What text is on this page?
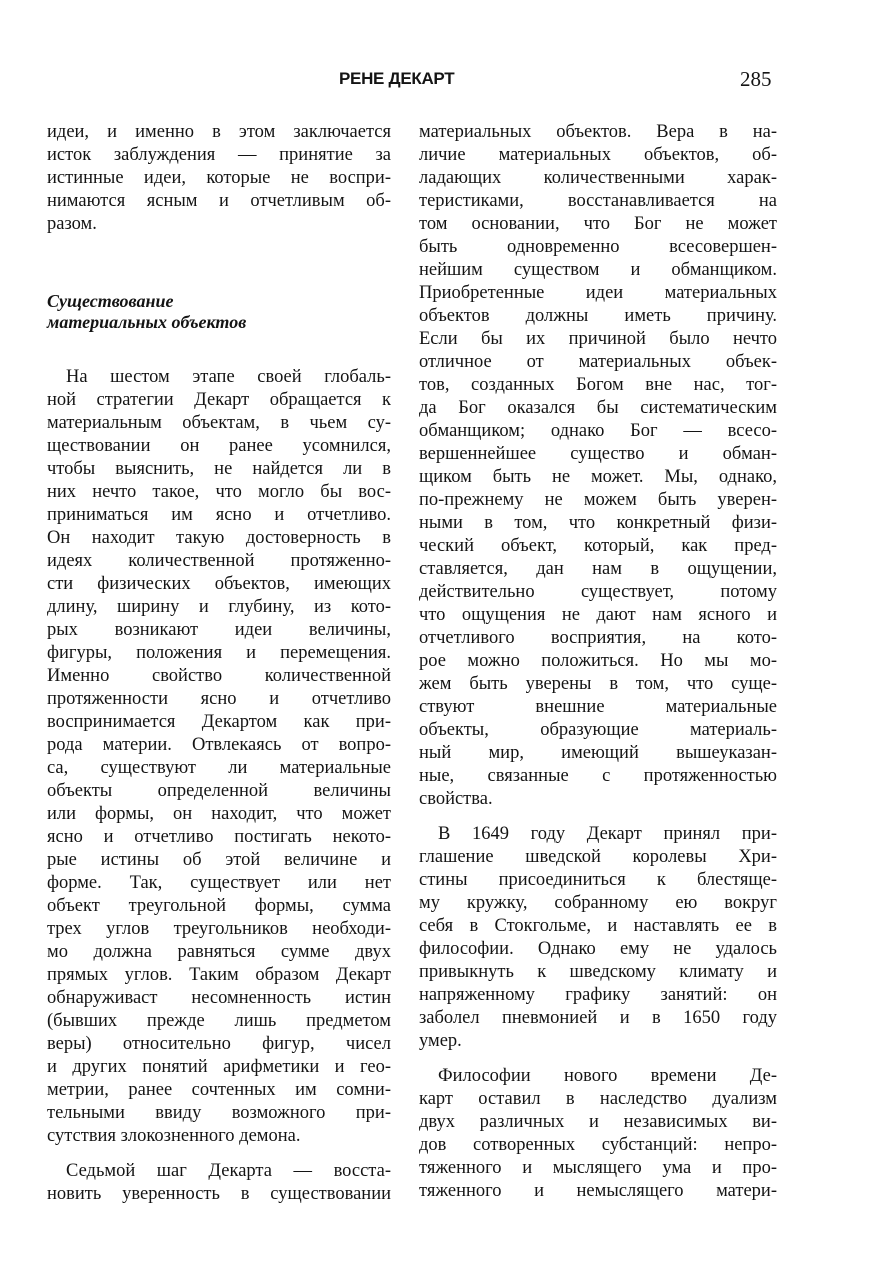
РЕНЕ ДЕКАРТ	285
идеи, и именно в этом заключается
исток заблуждения — принятие за
истинные идеи, которые не воспри-
нимаются ясным и отчетливым об-
разом.
Существование
материальных объектов
На шестом этапе своей глобаль-
ной стратегии Декарт обращается к
материальным объектам, в чьем су-
ществовании он ранее усомнился,
чтобы выяснить, не найдется ли в
них нечто такое, что могло бы вос-
приниматься им ясно и отчетливо.
Он находит такую достоверность в
идеях количественной протяженно-
сти физических объектов, имеющих
длину, ширину и глубину, из кото-
рых возникают идеи величины,
фигуры, положения и перемещения.
Именно свойство количественной
протяженности ясно и отчетливо
воспринимается Декартом как при-
рода материи. Отвлекаясь от вопро-
са, существуют ли материальные
объекты определенной величины
или формы, он находит, что может
ясно и отчетливо постигать некото-
рые истины об этой величине и
форме. Так, существует или нет
объект треугольной формы, сумма
трех углов треугольников необходи-
мо должна равняться сумме двух
прямых углов. Таким образом Декарт
обнаруживаст несомненность истин
(бывших прежде лишь предметом
веры) относительно фигур, чисел
и других понятий арифметики и гео-
метрии, ранее сочтенных им сомни-
тельными ввиду возможного при-
сутствия злокозненного демона.
Седьмой шаг Декарта — восста-
новить уверенность в существовании
материальных объектов. Вера в на-
личие материальных объектов, об-
ладающих количественными харак-
теристиками, восстанавливается на
том основании, что Бог не может
быть одновременно всесовершен-
нейшим существом и обманщиком.
Приобретенные идеи материальных
объектов должны иметь причину.
Если бы их причиной было нечто
отличное от материальных объек-
тов, созданных Богом вне нас, тог-
да Бог оказался бы систематическим
обманщиком; однако Бог — всесо-
вершеннейшее существо и обман-
щиком быть не может. Мы, однако,
по-прежнему не можем быть уверен-
ными в том, что конкретный физи-
ческий объект, который, как пред-
ставляется, дан нам в ощущении,
действительно существует, потому
что ощущения не дают нам ясного и
отчетливого восприятия, на кото-
рое можно положиться. Но мы мо-
жем быть уверены в том, что суще-
ствуют внешние материальные
объекты, образующие материаль-
ный мир, имеющий вышеуказан-
ные, связанные с протяженностью
свойства.
В 1649 году Декарт принял при-
глашение шведской королевы Хри-
стины присоединиться к блестяще-
му кружку, собранному ею вокруг
себя в Стокгольме, и наставлять ее в
философии. Однако ему не удалось
привыкнуть к шведскому климату и
напряженному графику занятий: он
заболел пневмонией и в 1650 году
умер.
Философии нового времени Де-
карт оставил в наследство дуализм
двух различных и независимых ви-
дов сотворенных субстанций: непро-
тяженного и мыслящего ума и про-
тяженного и немыслящего матери-
